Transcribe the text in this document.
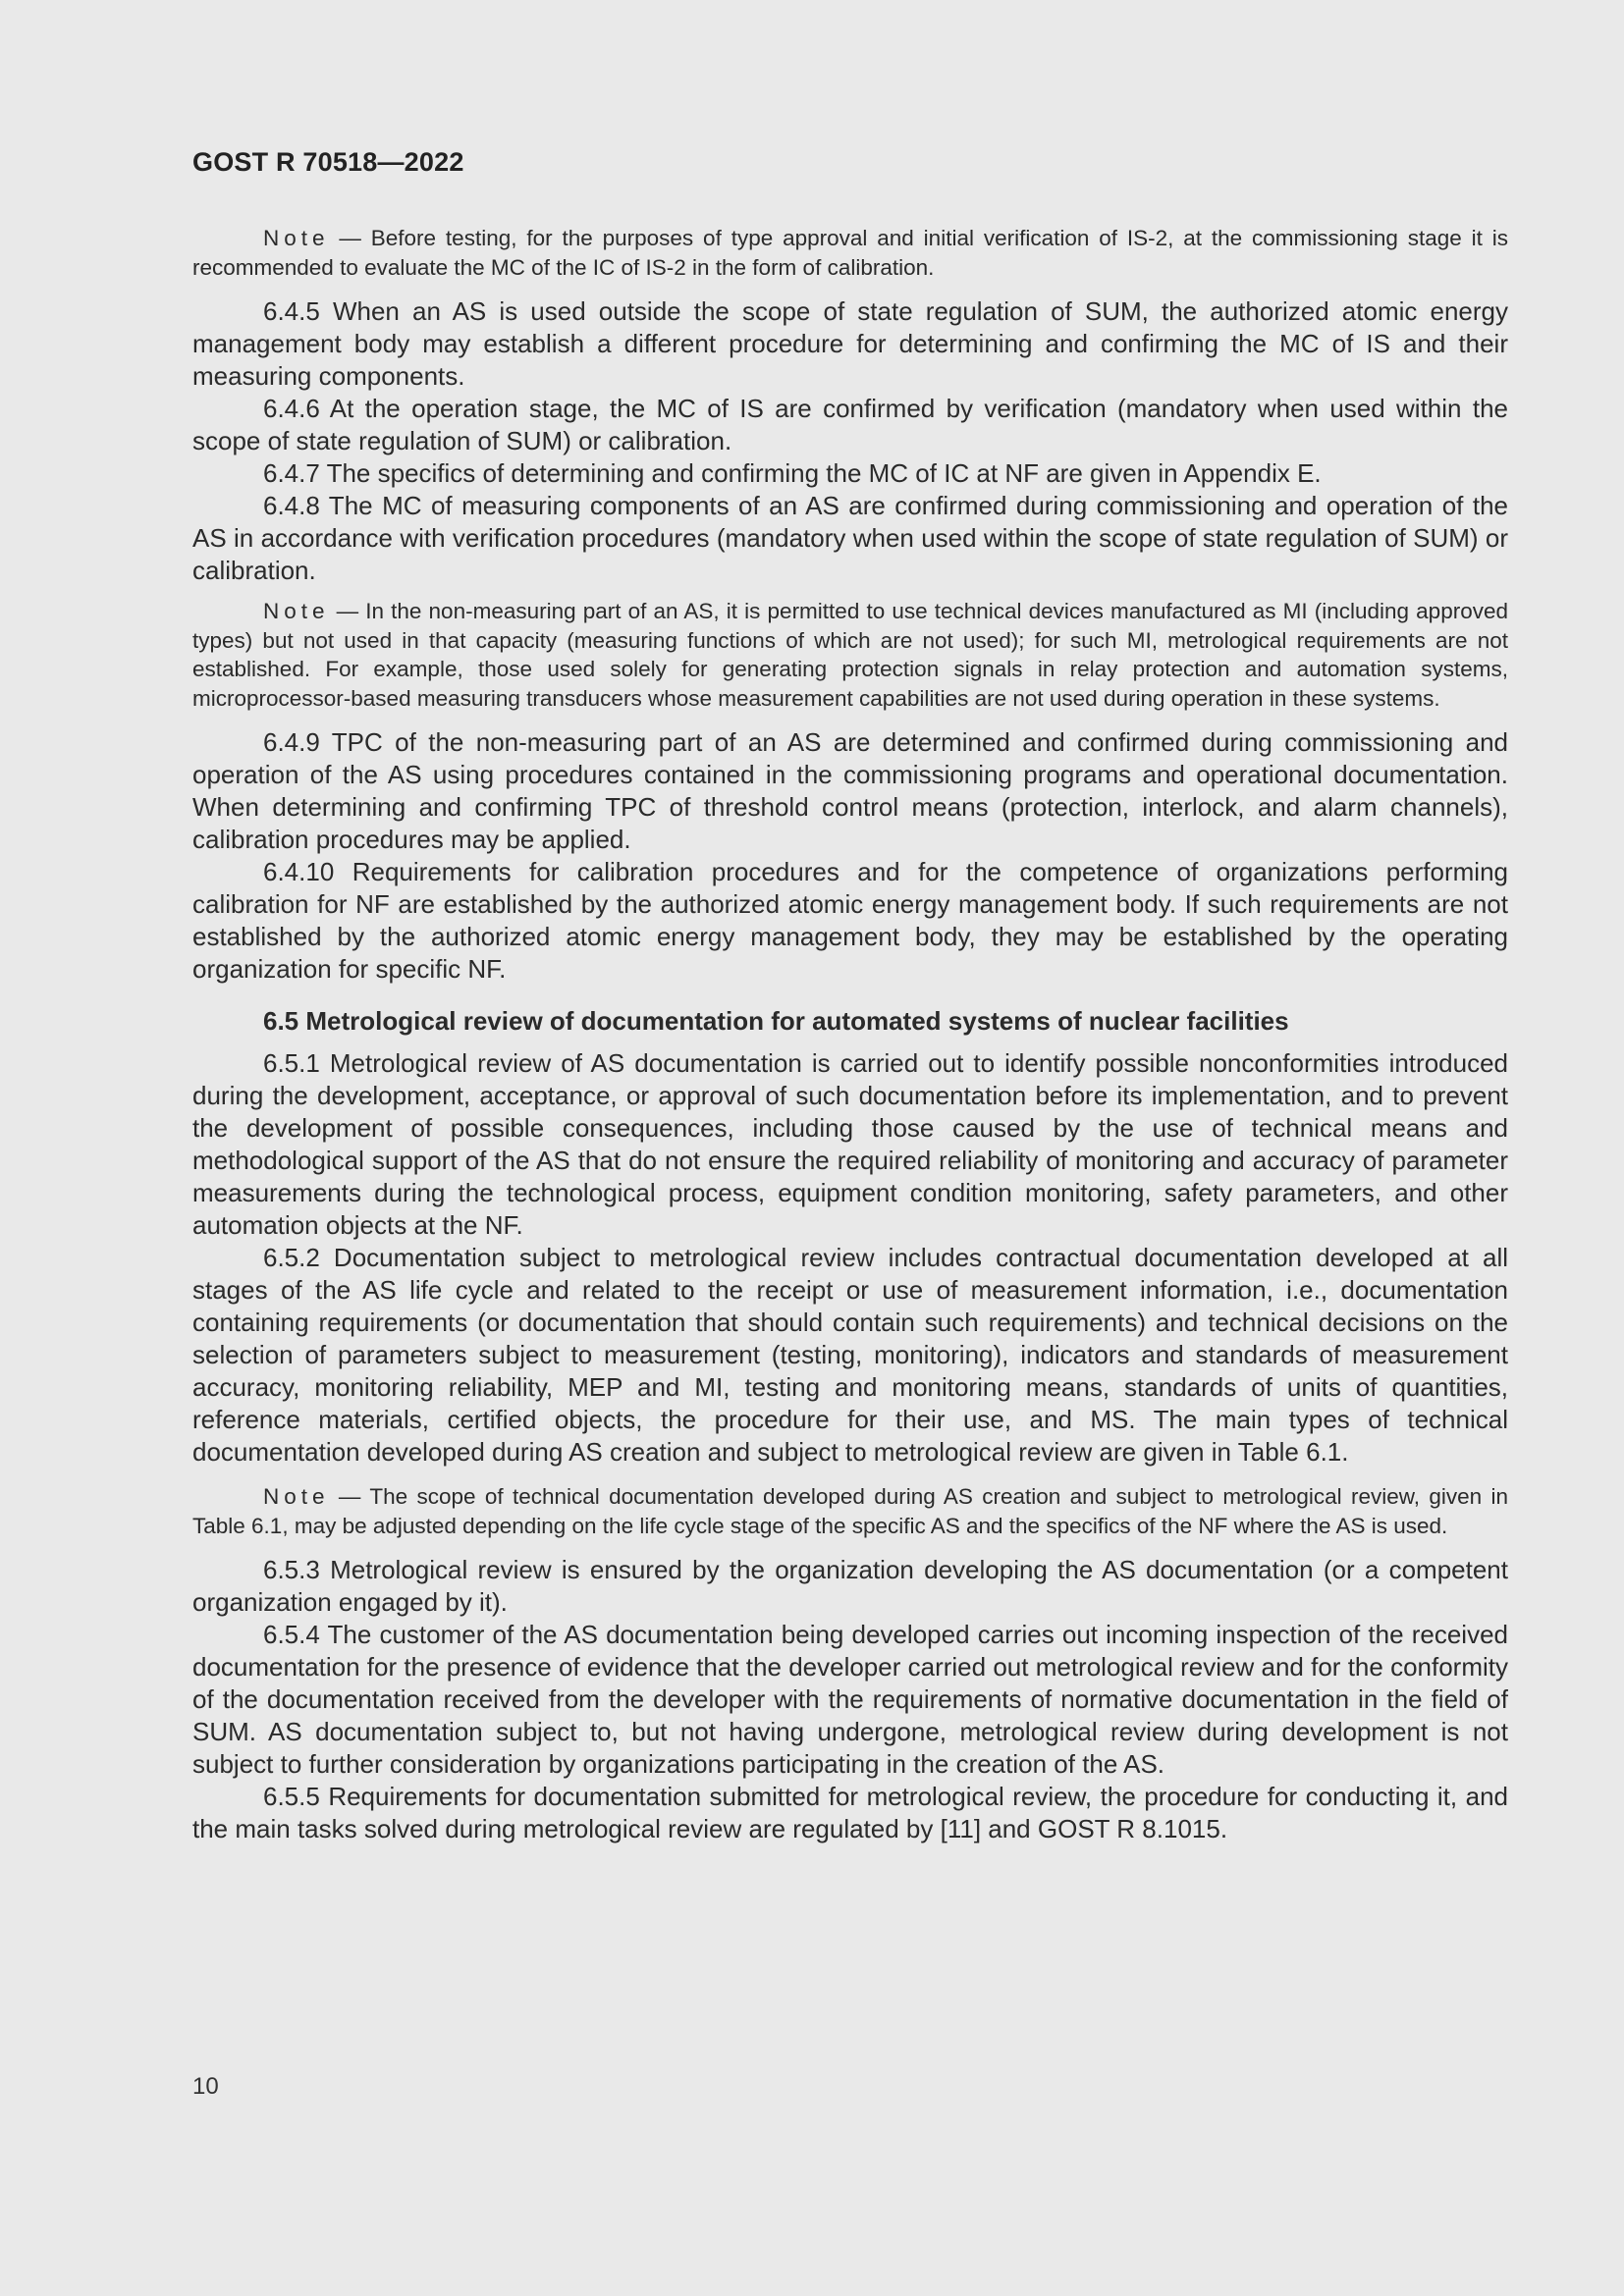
GOST R 70518—2022

Note — Before testing, for the purposes of type approval and initial verification of IS-2, at the commissioning stage it is recommended to evaluate the MC of the IC of IS-2 in the form of calibration.

6.4.5 When an AS is used outside the scope of state regulation of SUM, the authorized atomic energy management body may establish a different procedure for determining and confirming the MC of IS and their measuring components.

6.4.6 At the operation stage, the MC of IS are confirmed by verification (mandatory when used within the scope of state regulation of SUM) or calibration.

6.4.7 The specifics of determining and confirming the MC of IC at NF are given in Appendix E.

6.4.8 The MC of measuring components of an AS are confirmed during commissioning and operation of the AS in accordance with verification procedures (mandatory when used within the scope of state regulation of SUM) or calibration.

Note — In the non-measuring part of an AS, it is permitted to use technical devices manufactured as MI (including approved types) but not used in that capacity (measuring functions of which are not used); for such MI, metrological requirements are not established. For example, those used solely for generating protection signals in relay protection and automation systems, microprocessor-based measuring transducers whose measurement capabilities are not used during operation in these systems.

6.4.9 TPC of the non-measuring part of an AS are determined and confirmed during commissioning and operation of the AS using procedures contained in the commissioning programs and operational documentation. When determining and confirming TPC of threshold control means (protection, interlock, and alarm channels), calibration procedures may be applied.

6.4.10 Requirements for calibration procedures and for the competence of organizations performing calibration for NF are established by the authorized atomic energy management body. If such requirements are not established by the authorized atomic energy management body, they may be established by the operating organization for specific NF.

6.5 Metrological review of documentation for automated systems of nuclear facilities

6.5.1 Metrological review of AS documentation is carried out to identify possible nonconformities introduced during the development, acceptance, or approval of such documentation before its implementation, and to prevent the development of possible consequences, including those caused by the use of technical means and methodological support of the AS that do not ensure the required reliability of monitoring and accuracy of parameter measurements during the technological process, equipment condition monitoring, safety parameters, and other automation objects at the NF.

6.5.2 Documentation subject to metrological review includes contractual documentation developed at all stages of the AS life cycle and related to the receipt or use of measurement information, i.e., documentation containing requirements (or documentation that should contain such requirements) and technical decisions on the selection of parameters subject to measurement (testing, monitoring), indicators and standards of measurement accuracy, monitoring reliability, MEP and MI, testing and monitoring means, standards of units of quantities, reference materials, certified objects, the procedure for their use, and MS. The main types of technical documentation developed during AS creation and subject to metrological review are given in Table 6.1.

Note — The scope of technical documentation developed during AS creation and subject to metrological review, given in Table 6.1, may be adjusted depending on the life cycle stage of the specific AS and the specifics of the NF where the AS is used.

6.5.3 Metrological review is ensured by the organization developing the AS documentation (or a competent organization engaged by it).

6.5.4 The customer of the AS documentation being developed carries out incoming inspection of the received documentation for the presence of evidence that the developer carried out metrological review and for the conformity of the documentation received from the developer with the requirements of normative documentation in the field of SUM. AS documentation subject to, but not having undergone, metrological review during development is not subject to further consideration by organizations participating in the creation of the AS.

6.5.5 Requirements for documentation submitted for metrological review, the procedure for conducting it, and the main tasks solved during metrological review are regulated by [11] and GOST R 8.1015.

10
